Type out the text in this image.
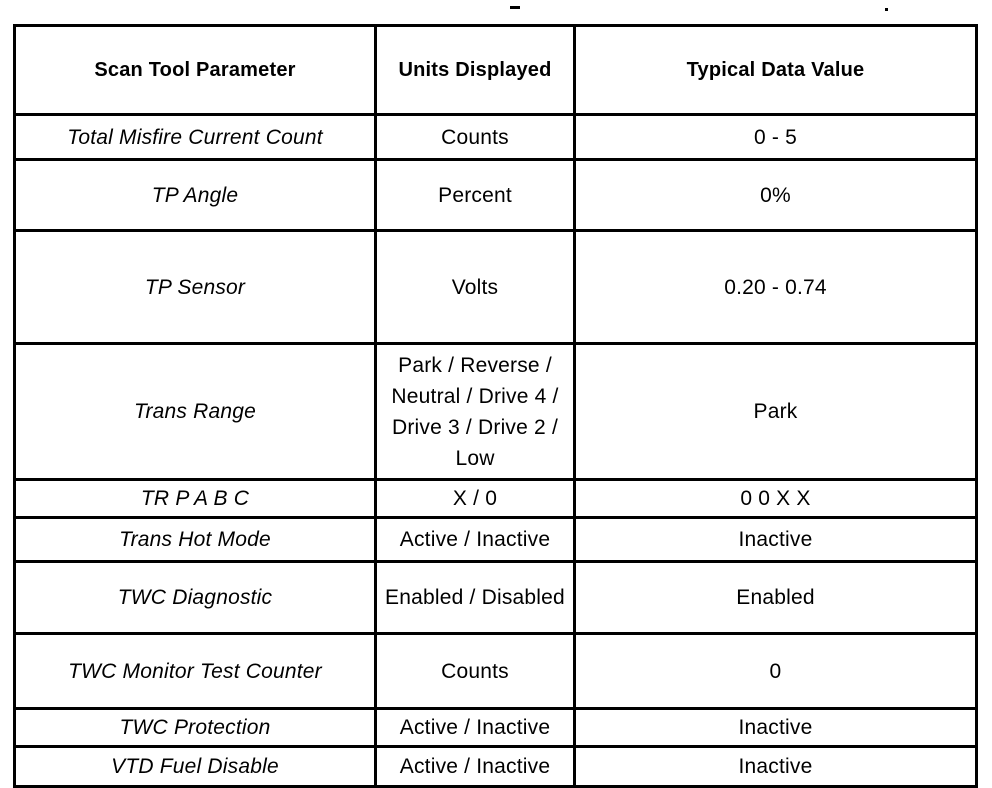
Scan Tool Parameter	Units Displayed	Typical Data Value
Total Misfire Current Count	Counts	0 - 5
TP Angle	Percent	0%
TP Sensor	Volts	0.20 - 0.74
Trans Range	Park / Reverse / Neutral / Drive 4 / Drive 3 / Drive 2 / Low	Park
TR P A B C	X / 0	0 0 X X
Trans Hot Mode	Active / Inactive	Inactive
TWC Diagnostic	Enabled / Disabled	Enabled
TWC Monitor Test Counter	Counts	0
TWC Protection	Active / Inactive	Inactive
VTD Fuel Disable	Active / Inactive	Inactive
